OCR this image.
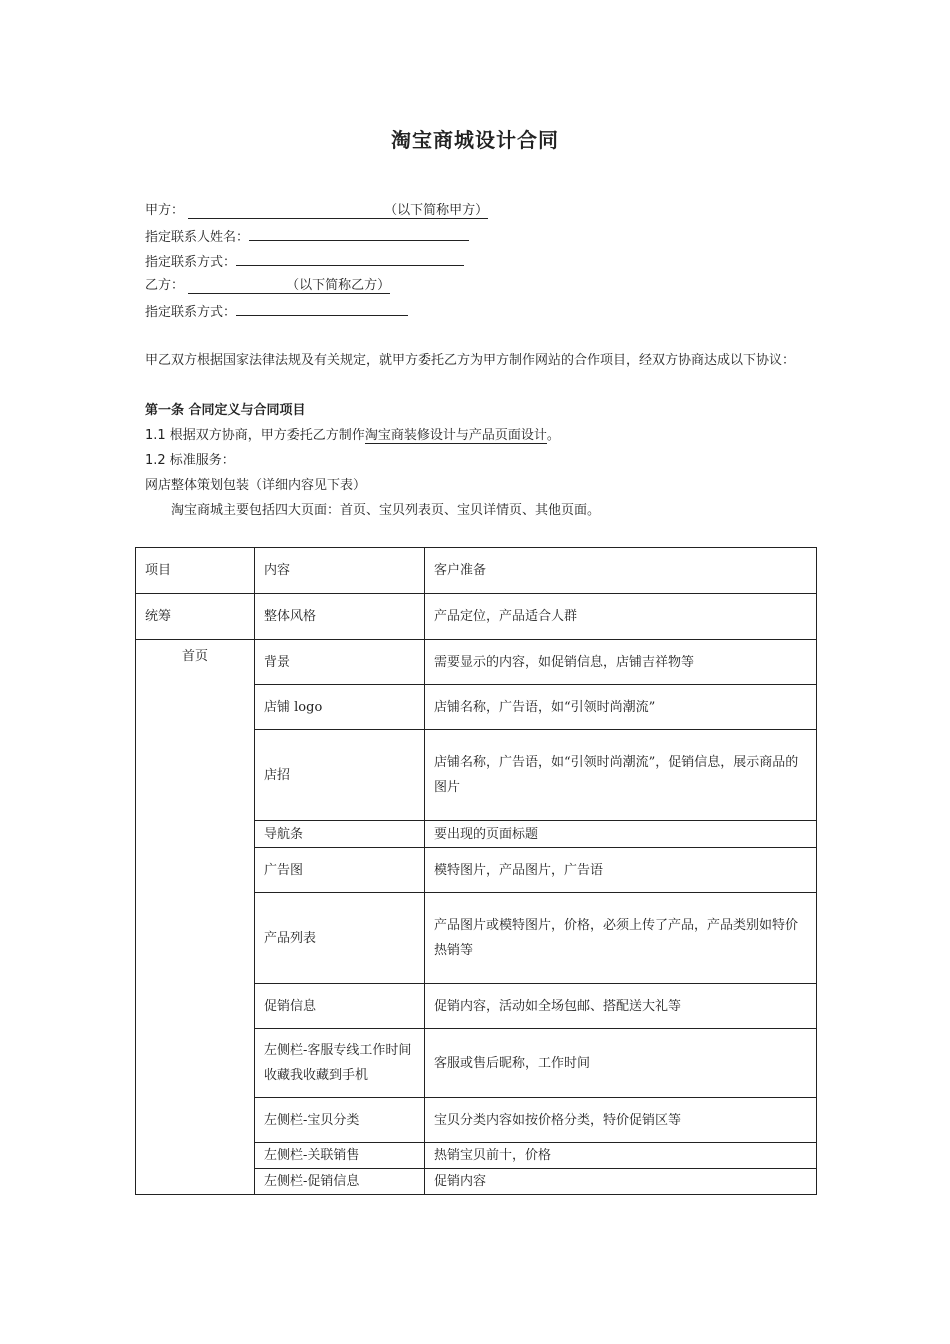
淘宝商城设计合同
甲方：	（以下简称甲方）
指定联系人姓名：
指定联系方式：
乙方：	（以下简称乙方）
指定联系方式：
甲乙双方根据国家法律法规及有关规定，就甲方委托乙方为甲方制作网站的合作项目，经双方协商达成以下协议：
第一条 合同定义与合同项目
1.1 根据双方协商，甲方委托乙方制作淘宝商装修设计与产品页面设计。
1.2 标准服务：
网店整体策划包装（详细内容见下表）
淘宝商城主要包括四大页面：首页、宝贝列表页、宝贝详情页、其他页面。
项目	内容	客户准备
统筹	整体风格	产品定位，产品适合人群
首页	背景	需要显示的内容，如促销信息，店铺吉祥物等
	店铺 logo	店铺名称，广告语，如“引领时尚潮流”
	店招	店铺名称，广告语，如“引领时尚潮流”，促销信息，展示商品的图片
	导航条	要出现的页面标题
	广告图	模特图片，产品图片，广告语
	产品列表	产品图片或模特图片，价格，必须上传了产品，产品类别如特价热销等
	促销信息	促销内容，活动如全场包邮、搭配送大礼等
	左侧栏-客服专线工作时间收藏我收藏到手机	客服或售后昵称，工作时间
	左侧栏-宝贝分类	宝贝分类内容如按价格分类，特价促销区等
	左侧栏-关联销售	热销宝贝前十，价格
	左侧栏-促销信息	促销内容
